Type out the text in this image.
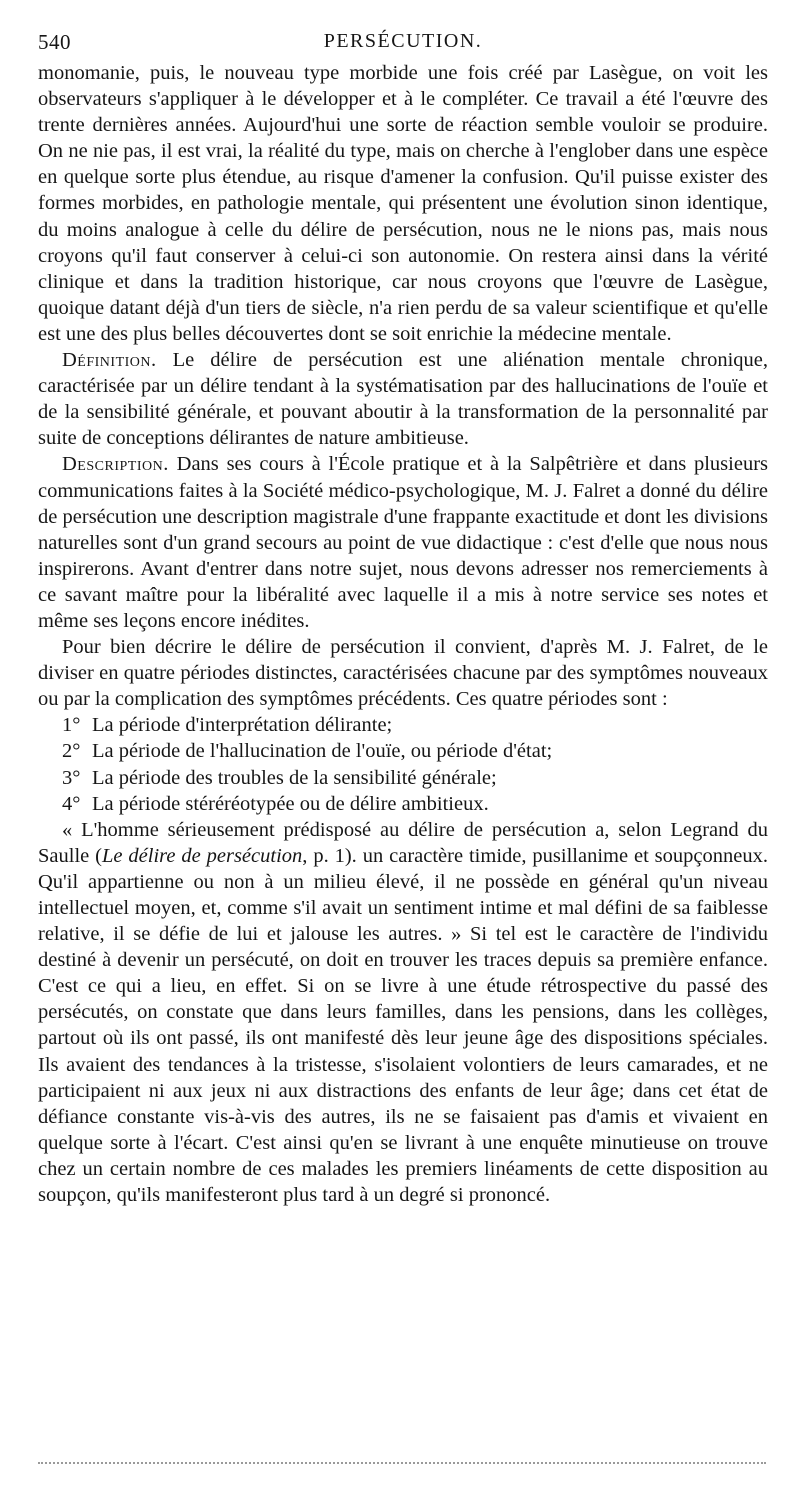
540	PERSÉCUTION.

monomanie, puis, le nouveau type morbide une fois créé par Lasègue, on voit les observateurs s'appliquer à le développer et à le compléter. Ce travail a été l'œuvre des trente dernières années. Aujourd'hui une sorte de réaction semble vouloir se produire. On ne nie pas, il est vrai, la réalité du type, mais on cherche à l'englober dans une espèce en quelque sorte plus étendue, au risque d'amener la confusion. Qu'il puisse exister des formes morbides, en pathologie mentale, qui présentent une évolution sinon identique, du moins analogue à celle du délire de persécution, nous ne le nions pas, mais nous croyons qu'il faut conserver à celui-ci son autonomie. On restera ainsi dans la vérité clinique et dans la tradition historique, car nous croyons que l'œuvre de Lasègue, quoique datant déjà d'un tiers de siècle, n'a rien perdu de sa valeur scientifique et qu'elle est une des plus belles découvertes dont se soit enrichie la médecine mentale.

Définition. Le délire de persécution est une aliénation mentale chronique, caractérisée par un délire tendant à la systématisation par des hallucinations de l'ouïe et de la sensibilité générale, et pouvant aboutir à la transformation de la personnalité par suite de conceptions délirantes de nature ambitieuse.

Description. Dans ses cours à l'École pratique et à la Salpêtrière et dans plusieurs communications faites à la Société médico-psychologique, M. J. Falret a donné du délire de persécution une description magistrale d'une frappante exactitude et dont les divisions naturelles sont d'un grand secours au point de vue didactique : c'est d'elle que nous nous inspirerons. Avant d'entrer dans notre sujet, nous devons adresser nos remerciements à ce savant maître pour la libéralité avec laquelle il a mis à notre service ses notes et même ses leçons encore inédites.

Pour bien décrire le délire de persécution il convient, d'après M. J. Falret, de le diviser en quatre périodes distinctes, caractérisées chacune par des symptômes nouveaux ou par la complication des symptômes précédents. Ces quatre périodes sont :

1° La période d'interprétation délirante;

2° La période de l'hallucination de l'ouïe, ou période d'état;

3° La période des troubles de la sensibilité générale;

4° La période stéréréotypée ou de délire ambitieux.

« L'homme sérieusement prédisposé au délire de persécution a, selon Legrand du Saulle (Le délire de persécution, p. 1). un caractère timide, pusillanime et soupçonneux. Qu'il appartienne ou non à un milieu élevé, il ne possède en général qu'un niveau intellectuel moyen, et, comme s'il avait un sentiment intime et mal défini de sa faiblesse relative, il se défie de lui et jalouse les autres. » Si tel est le caractère de l'individu destiné à devenir un persécuté, on doit en trouver les traces depuis sa première enfance. C'est ce qui a lieu, en effet. Si on se livre à une étude rétrospective du passé des persécutés, on constate que dans leurs familles, dans les pensions, dans les collèges, partout où ils ont passé, ils ont manifesté dès leur jeune âge des dispositions spéciales. Ils avaient des tendances à la tristesse, s'isolaient volontiers de leurs camarades, et ne participaient ni aux jeux ni aux distractions des enfants de leur âge; dans cet état de défiance constante vis-à-vis des autres, ils ne se faisaient pas d'amis et vivaient en quelque sorte à l'écart. C'est ainsi qu'en se livrant à une enquête minutieuse on trouve chez un certain nombre de ces malades les premiers linéaments de cette disposition au soupçon, qu'ils manifesteront plus tard à un degré si prononcé.
